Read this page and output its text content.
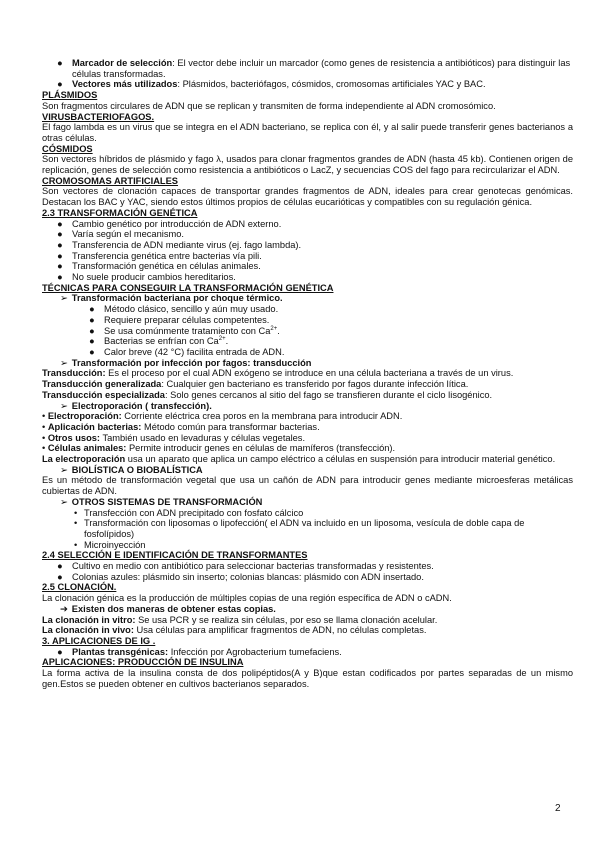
● Marcador de selección: El vector debe incluir un marcador (como genes de resistencia a antibióticos) para distinguir las células transformadas.
● Vectores más utilizados: Plásmidos, bacteriófagos, cósmidos, cromosomas artificiales YAC y BAC.
PLÁSMIDOS

Son fragmentos circulares de ADN que se replican y transmiten de forma independiente al ADN cromosómico.

VIRUSBACTERIOFAGOS.

El fago lambda es un virus que se integra en el ADN bacteriano, se replica con él, y al salir puede transferir genes bacterianos a otras células.

CÓSMIDOS

Son vectores híbridos de plásmido y fago λ, usados para clonar fragmentos grandes de ADN (hasta 45 kb). Contienen origen de replicación, genes de selección como resistencia a antibióticos o LacZ, y secuencias COS del fago para recircularizar el ADN.

CROMOSOMAS ARTIFICIALES

Son vectores de clonación capaces de transportar grandes fragmentos de ADN, ideales para crear genotecas genómicas. Destacan los BAC y YAC, siendo estos últimos propios de células eucarióticas y compatibles con su regulación génica.

2.3 TRANSFORMACIÓN GENÉTICA
● Cambio genético por introducción de ADN externo.
● Varía según el mecanismo.
● Transferencia de ADN mediante virus (ej. fago lambda).
● Transferencia genética entre bacterias vía pili.
● Transformación genética en células animales.
● No suele producir cambios hereditarios.
TÉCNICAS PARA CONSEGUIR LA TRANSFORMACIÓN GENÉTICA
➢ Transformación bacteriana por choque térmico.
● Método clásico, sencillo y aún muy usado.
● Requiere preparar células competentes.
● Se usa comúnmente tratamiento con $Ca^{2+}$.
● Bacterias se enfrían con $Ca^{2+}$.
● Calor breve (42 °C) facilita entrada de ADN.
➢ Transformación por infección por fagos: transducción

Transducción: Es el proceso por el cual ADN exógeno se introduce en una célula bacteriana a través de un virus.

Transducción generalizada: Cualquier gen bacteriano es transferido por fagos durante infección lítica.

Transducción especializada: Solo genes cercanos al sitio del fago se transfieren durante el ciclo lisogénico.

➢ Electroporación ( transfección).
• Electroporación: Corriente eléctrica crea poros en la membrana para introducir ADN.
• Aplicación bacterias: Método común para transformar bacterias.
• Otros usos: También usado en levaduras y células vegetales.
• Células animales: Permite introducir genes en células de mamíferos (transfección).

La electroporación usa un aparato que aplica un campo eléctrico a células en suspensión para introducir material genético.

➢ BIOLÍSTICA O BIOBALÍSTICA

Es un método de transformación vegetal que usa un cañón de ADN para introducir genes mediante microesferas metálicas cubiertas de ADN.

➢ OTROS SISTEMAS DE TRANSFORMACIÓN
• Transfección con ADN precipitado con fosfato cálcico
• Transformación con liposomas o lipofección( el ADN va incluido en un liposoma, vesícula de doble capa de fosfolípidos)
• Microinyección
2.4 SELECCIÓN E IDENTIFICACIÓN DE TRANSFORMANTES
● Cultivo en medio con antibiótico para seleccionar bacterias transformadas y resistentes.
● Colonias azules: plásmido sin inserto; colonias blancas: plásmido con ADN insertado.
2.5 CLONACIÓN.

La clonación génica es la producción de múltiples copias de una región específica de ADN o cADN.

➔ Existen dos maneras de obtener estas copias.

La clonación in vitro: Se usa PCR y se realiza sin células, por eso se llama clonación acelular.

La clonación in vivo: Usa células para amplificar fragmentos de ADN, no células completas.

3. APLICACIONES DE IG .
● Plantas transgénicas: Infección por Agrobacterium tumefaciens.
APLICACIONES: PRODUCCIÓN DE INSULINA

La forma activa de la insulina consta de dos polipéptidos(A y B)que estan codificados por partes separadas de un mismo gen.Estos se pueden obtener en cultivos bacterianos separados.

2
